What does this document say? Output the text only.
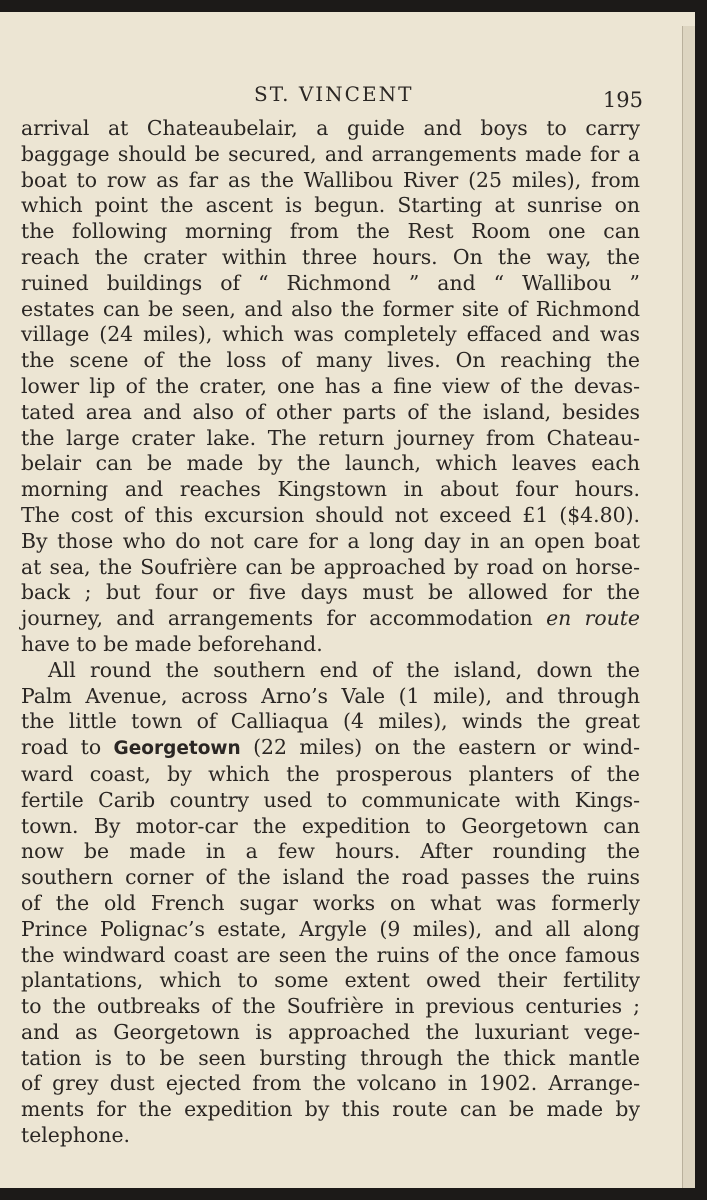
ST. VINCENT	195
arrival at Chateaubelair, a guide and boys to carry
baggage should be secured, and arrangements made for a
boat to row as far as the Wallibou River (25 miles), from
which point the ascent is begun. Starting at sunrise on
the following morning from the Rest Room one can
reach the crater within three hours. On the way, the
ruined buildings of “ Richmond ” and “ Wallibou ”
estates can be seen, and also the former site of Richmond
village (24 miles), which was completely effaced and was
the scene of the loss of many lives. On reaching the
lower lip of the crater, one has a fine view of the devas-
tated area and also of other parts of the island, besides
the large crater lake. The return journey from Chateau-
belair can be made by the launch, which leaves each
morning and reaches Kingstown in about four hours.
The cost of this excursion should not exceed £1 ($4.80).
By those who do not care for a long day in an open boat
at sea, the Soufrière can be approached by road on horse-
back ; but four or five days must be allowed for the
journey, and arrangements for accommodation en route
have to be made beforehand.
All round the southern end of the island, down the
Palm Avenue, across Arno’s Vale (1 mile), and through
the little town of Calliaqua (4 miles), winds the great
road to Georgetown (22 miles) on the eastern or wind-
ward coast, by which the prosperous planters of the
fertile Carib country used to communicate with Kings-
town. By motor-car the expedition to Georgetown can
now be made in a few hours. After rounding the
southern corner of the island the road passes the ruins
of the old French sugar works on what was formerly
Prince Polignac’s estate, Argyle (9 miles), and all along
the windward coast are seen the ruins of the once famous
plantations, which to some extent owed their fertility
to the outbreaks of the Soufrière in previous centuries ;
and as Georgetown is approached the luxuriant vege-
tation is to be seen bursting through the thick mantle
of grey dust ejected from the volcano in 1902. Arrange-
ments for the expedition by this route can be made by
telephone.
